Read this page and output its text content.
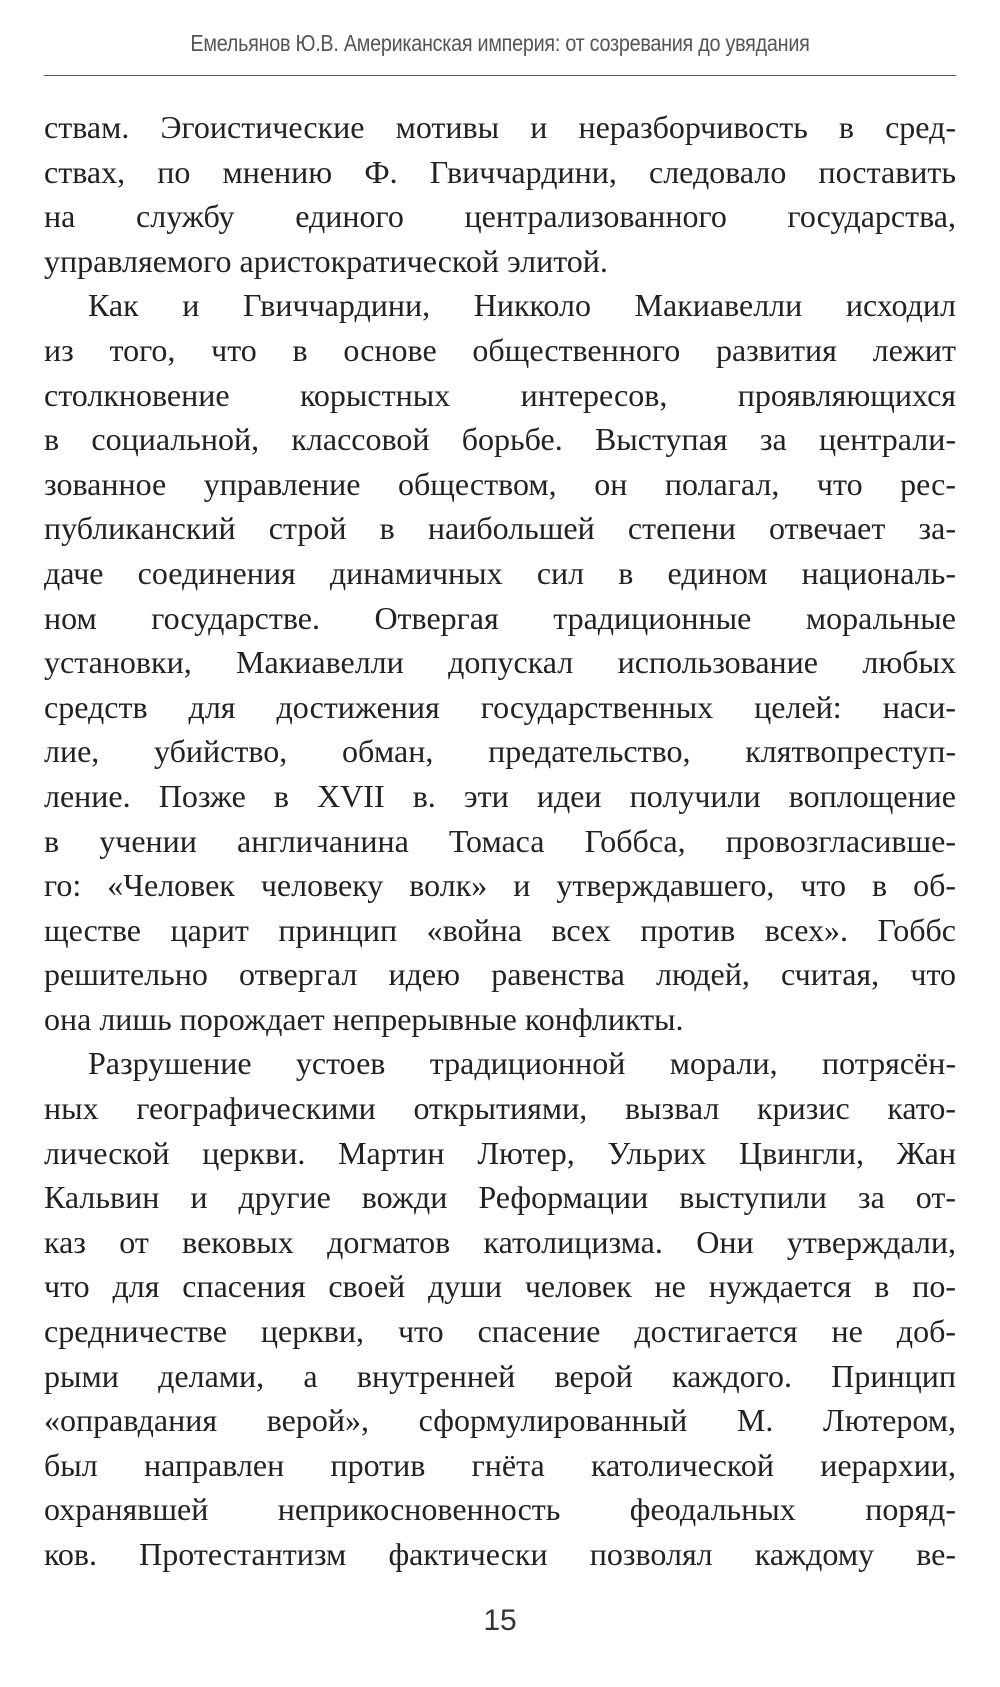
Емельянов Ю.В. Американская империя: от созревания до увядания
ствам. Эгоистические мотивы и неразборчивость в сред-
ствах, по мнению Ф. Гвиччардини, следовало поставить
на службу единого централизованного государства,
управляемого аристократической элитой.
Как и Гвиччардини, Никколо Макиавелли исходил
из того, что в основе общественного развития лежит
столкновение корыстных интересов, проявляющихся
в социальной, классовой борьбе. Выступая за централи-
зованное управление обществом, он полагал, что рес-
публиканский строй в наибольшей степени отвечает за-
даче соединения динамичных сил в едином националь-
ном государстве. Отвергая традиционные моральные
установки, Макиавелли допускал использование любых
средств для достижения государственных целей: наси-
лие, убийство, обман, предательство, клятвопреступ-
ление. Позже в XVII в. эти идеи получили воплощение
в учении англичанина Томаса Гоббса, провозгласивше-
го: «Человек человеку волк» и утверждавшего, что в об-
ществе царит принцип «война всех против всех». Гоббс
решительно отвергал идею равенства людей, считая, что
она лишь порождает непрерывные конфликты.
Разрушение устоев традиционной морали, потрясён-
ных географическими открытиями, вызвал кризис като-
лической церкви. Мартин Лютер, Ульрих Цвингли, Жан
Кальвин и другие вожди Реформации выступили за от-
каз от вековых догматов католицизма. Они утверждали,
что для спасения своей души человек не нуждается в по-
средничестве церкви, что спасение достигается не доб-
рыми делами, а внутренней верой каждого. Принцип
«оправдания верой», сформулированный М. Лютером,
был направлен против гнёта католической иерархии,
охранявшей неприкосновенность феодальных поряд-
ков. Протестантизм фактически позволял каждому ве-
15
